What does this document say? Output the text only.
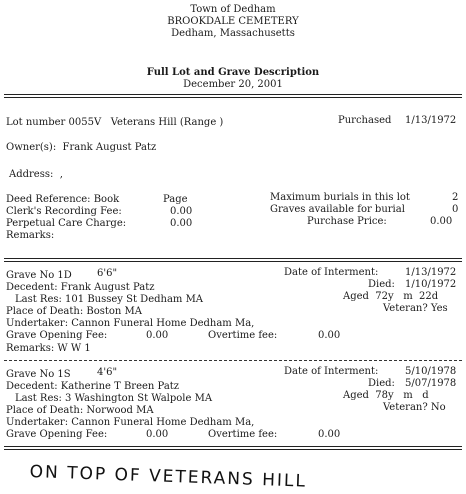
Town of Dedham
BROOKDALE CEMETERY
Dedham, Massachusetts
Full Lot and Grave Description
December 20, 2001
Lot number 0055V   Veterans Hill (Range )	Purchased 1/13/1972
Owner(s):  Frank August Patz
Address:  ,
Deed Reference: Book	Page	Maximum burials in this lot	2
Clerk's Recording Fee:	0.00	Graves available for burial	0
Perpetual Care Charge:	0.00	Purchase Price:	0.00
Remarks:
Grave No 1D	6'6"	Date of Interment:	1/13/1972
Decedent: Frank August Patz	Died: 1/10/1972
Last Res: 101 Bussey St Dedham MA	Aged  72y   m  22d
Place of Death: Boston MA	Veteran? Yes
Undertaker: Cannon Funeral Home Dedham Ma,
Grave Opening Fee:	0.00	Overtime fee:	0.00
Remarks: W W 1
Grave No 1S	4'6"	Date of Interment:	5/10/1978
Decedent: Katherine T Breen Patz	Died: 5/07/1978
Last Res: 3 Washington St Walpole MA	Aged  78y   m   d
Place of Death: Norwood MA	Veteran? No
Undertaker: Cannon Funeral Home Dedham Ma,
Grave Opening Fee:	0.00	Overtime fee:	0.00
ON TOP OF VETERANS HILL
